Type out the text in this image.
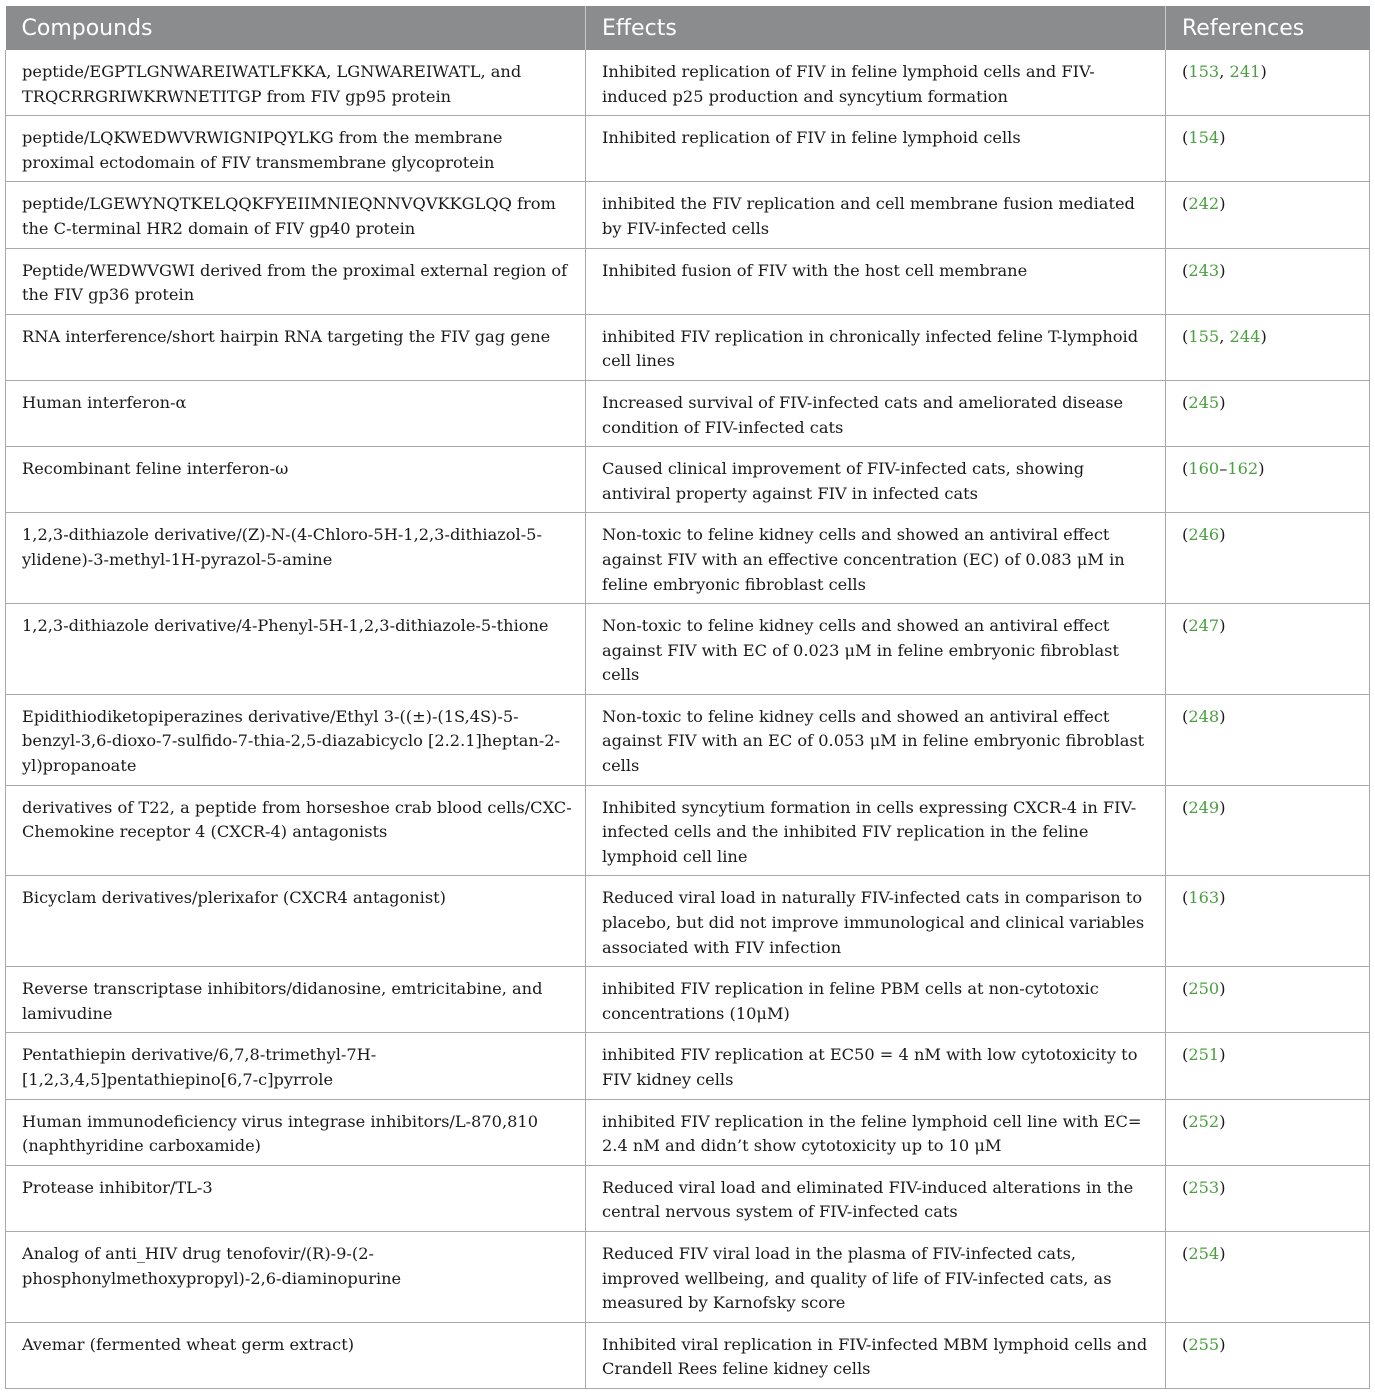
Compounds	Effects	References
peptide/EGPTLGNWAREIWATLFKKA, LGNWAREIWATL, and TRQCRRGRIWKRWNETITGP from FIV gp95 protein	Inhibited replication of FIV in feline lymphoid cells and FIV-induced p25 production and syncytium formation	(153, 241)
peptide/LQKWEDWVRWIGNIPQYLKG from the membrane proximal ectodomain of FIV transmembrane glycoprotein	Inhibited replication of FIV in feline lymphoid cells	(154)
peptide/LGEWYNQTKELQQKFYEIIMNIEQNNVQVKKGLQQ from the C-terminal HR2 domain of FIV gp40 protein	inhibited the FIV replication and cell membrane fusion mediated by FIV-infected cells	(242)
Peptide/WEDWVGWI derived from the proximal external region of the FIV gp36 protein	Inhibited fusion of FIV with the host cell membrane	(243)
RNA interference/short hairpin RNA targeting the FIV gag gene	inhibited FIV replication in chronically infected feline T-lymphoid cell lines	(155, 244)
Human interferon-α	Increased survival of FIV-infected cats and ameliorated disease condition of FIV-infected cats	(245)
Recombinant feline interferon-ω	Caused clinical improvement of FIV-infected cats, showing antiviral property against FIV in infected cats	(160–162)
1,2,3-dithiazole derivative/(Z)-N-(4-Chloro-5H-1,2,3-dithiazol-5-ylidene)-3-methyl-1H-pyrazol-5-amine	Non-toxic to feline kidney cells and showed an antiviral effect against FIV with an effective concentration (EC) of 0.083 μM in feline embryonic fibroblast cells	(246)
1,2,3-dithiazole derivative/4-Phenyl-5H-1,2,3-dithiazole-5-thione	Non-toxic to feline kidney cells and showed an antiviral effect against FIV with EC of 0.023 μM in feline embryonic fibroblast cells	(247)
Epidithiodiketopiperazines derivative/Ethyl 3-((±)-(1S,4S)-5-benzyl-3,6-dioxo-7-sulfido-7-thia-2,5-diazabicyclo [2.2.1]heptan-2-yl)propanoate	Non-toxic to feline kidney cells and showed an antiviral effect against FIV with an EC of 0.053 μM in feline embryonic fibroblast cells	(248)
derivatives of T22, a peptide from horseshoe crab blood cells/CXC-Chemokine receptor 4 (CXCR-4) antagonists	Inhibited syncytium formation in cells expressing CXCR-4 in FIV-infected cells and the inhibited FIV replication in the feline lymphoid cell line	(249)
Bicyclam derivatives/plerixafor (CXCR4 antagonist)	Reduced viral load in naturally FIV-infected cats in comparison to placebo, but did not improve immunological and clinical variables associated with FIV infection	(163)
Reverse transcriptase inhibitors/didanosine, emtricitabine, and lamivudine	inhibited FIV replication in feline PBM cells at non-cytotoxic concentrations (10μM)	(250)
Pentathiepin derivative/6,7,8-trimethyl-7H-[1,2,3,4,5]pentathiepino[6,7-c]pyrrole	inhibited FIV replication at EC50 = 4 nM with low cytotoxicity to FIV kidney cells	(251)
Human immunodeficiency virus integrase inhibitors/L-870,810 (naphthyridine carboxamide)	inhibited FIV replication in the feline lymphoid cell line with EC= 2.4 nM and didn’t show cytotoxicity up to 10 μM	(252)
Protease inhibitor/TL-3	Reduced viral load and eliminated FIV-induced alterations in the central nervous system of FIV-infected cats	(253)
Analog of anti_HIV drug tenofovir/(R)-9-(2-phosphonylmethoxypropyl)-2,6-diaminopurine	Reduced FIV viral load in the plasma of FIV-infected cats, improved wellbeing, and quality of life of FIV-infected cats, as measured by Karnofsky score	(254)
Avemar (fermented wheat germ extract)	Inhibited viral replication in FIV-infected MBM lymphoid cells and Crandell Rees feline kidney cells	(255)
